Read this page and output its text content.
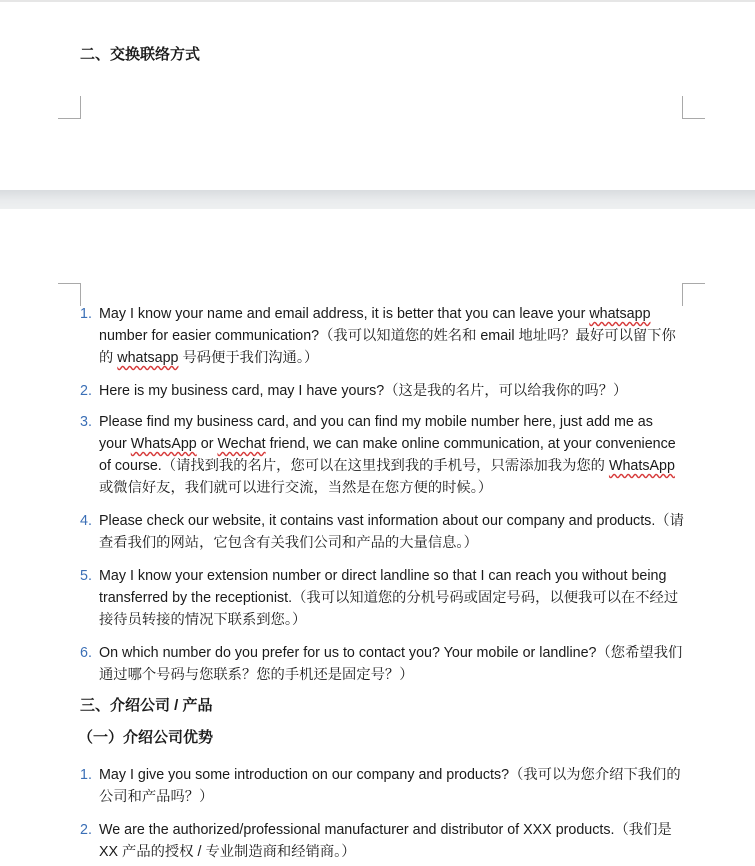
二、交换联络方式
1. May I know your name and email address, it is better that you can leave your whatsapp number for easier communication?（我可以知道您的姓名和 email 地址吗？最好可以留下你的 whatsapp 号码便于我们沟通。）
2. Here is my business card, may I have yours?（这是我的名片，可以给我你的吗？）
3. Please find my business card, and you can find my mobile number here, just add me as your WhatsApp or Wechat friend, we can make online communication, at your convenience of course.（请找到我的名片，您可以在这里找到我的手机号，只需添加我为您的 WhatsApp 或微信好友，我们就可以进行交流，当然是在您方便的时候。）
4. Please check our website, it contains vast information about our company and products.（请查看我们的网站，它包含有关我们公司和产品的大量信息。）
5. May I know your extension number or direct landline so that I can reach you without being transferred by the receptionist.（我可以知道您的分机号码或固定号码，以便我可以在不经过接待员转接的情况下联系到您。）
6. On which number do you prefer for us to contact you? Your mobile or landline?（您希望我们通过哪个号码与您联系？您的手机还是固定号？）
三、介绍公司 / 产品
（一）介绍公司优势
1. May I give you some introduction on our company and products?（我可以为您介绍下我们的公司和产品吗？）
2. We are the authorized/professional manufacturer and distributor of XXX products.（我们是 XX 产品的授权 / 专业制造商和经销商。）
